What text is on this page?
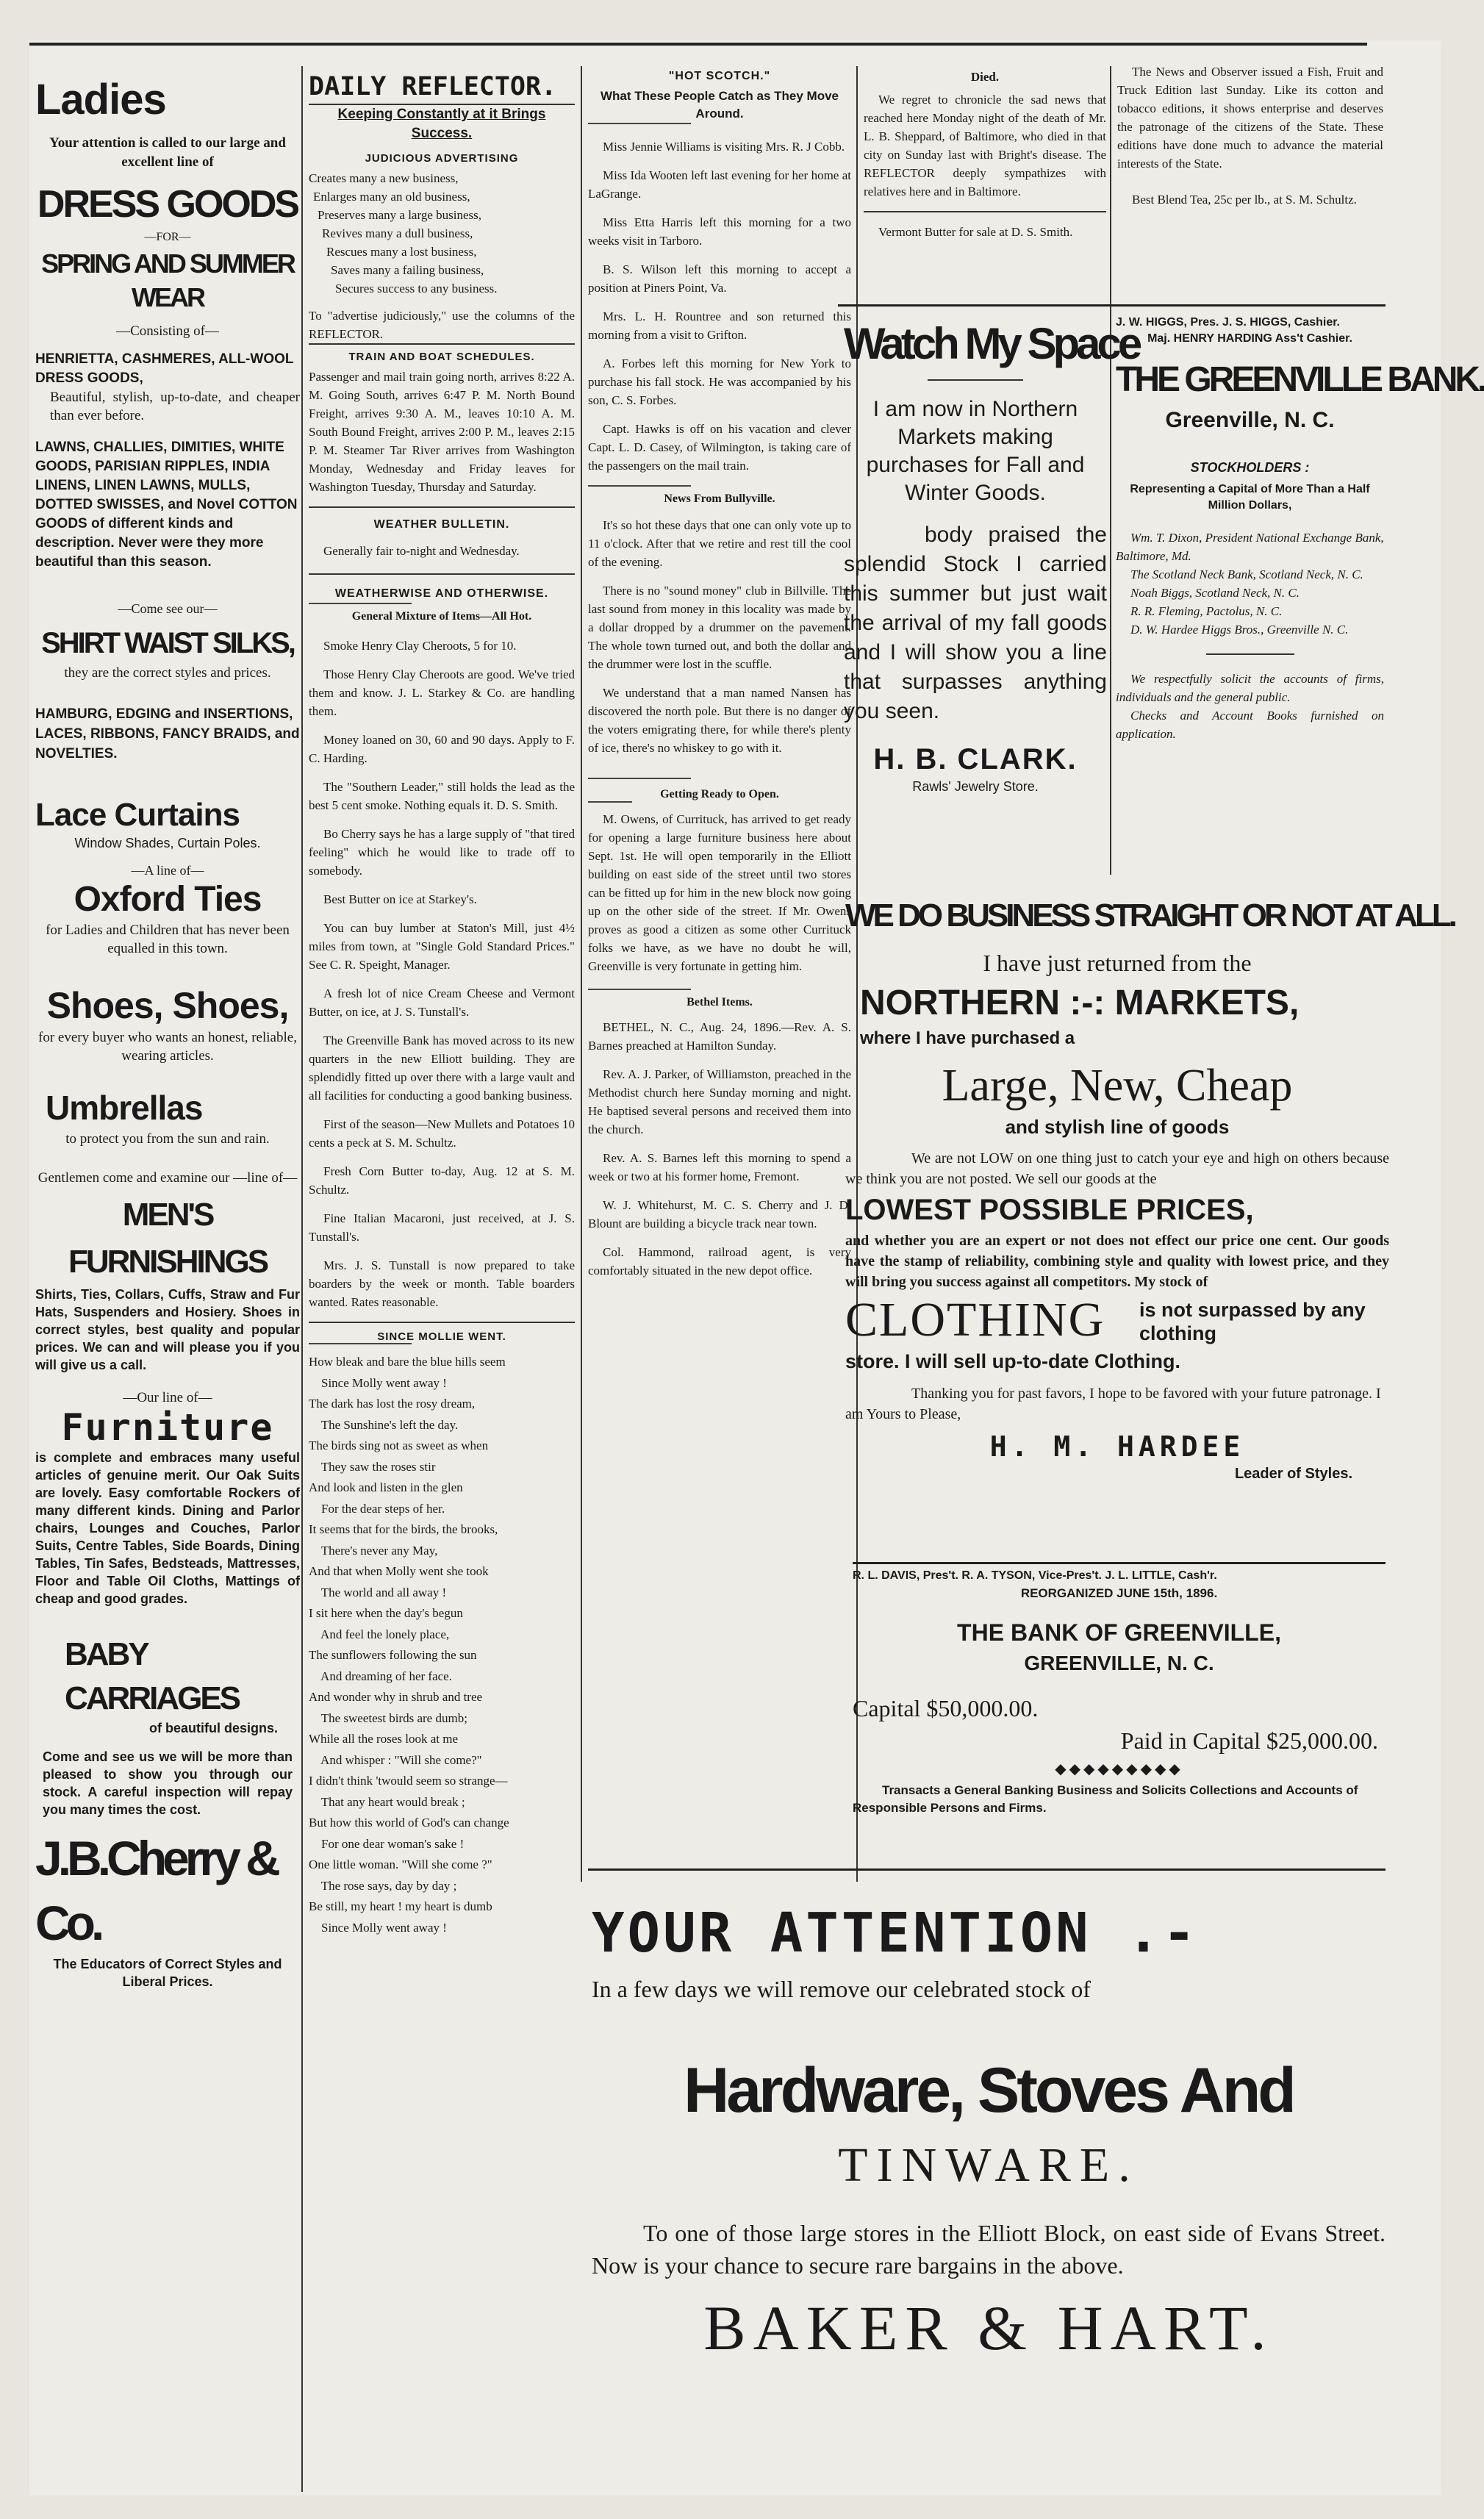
Ladies
Your attention is called to our large and excellent line of
DRESS GOODS
—FOR—
SPRING AND SUMMER WEAR
—Consisting of—
HENRIETTA, CASHMERES, ALL-WOOL DRESS GOODS,
Beautiful, stylish, up-to-date, and cheaper than ever before.
LAWNS, CHALLIES, DIMITIES, WHITE GOODS, PARISIAN RIPPLES, INDIA LINENS, LINEN LAWNS, MULLS, DOTTED SWISSES, and Novel COTTON GOODS of different kinds and description. Never were they more beautiful than this season.
—Come see our—
SHIRT WAIST SILKS,
they are the correct styles and prices.
HAMBURG, EDGING and INSERTIONS, LACES, RIBBONS, FANCY BRAIDS, and NOVELTIES.
Lace Curtains
Window Shades, Curtain Poles.
—A line of—
Oxford Ties
for Ladies and Children that has never been equalled in this town.
Shoes, Shoes,
for every buyer who wants an honest, reliable, wearing articles.
Umbrellas
to protect you from the sun and rain.
Gentlemen come and examine our —line of—
MEN'S FURNISHINGS
Shirts, Ties, Collars, Cuffs, Straw and Fur Hats, Suspenders and Hosiery. Shoes in correct styles, best quality and popular prices. We can and will please you if you will give us a call.
—Our line of—
Furniture
is complete and embraces many useful articles of genuine merit. Our Oak Suits are lovely. Easy comfortable Rockers of many different kinds. Dining and Parlor chairs, Lounges and Couches, Parlor Suits, Centre Tables, Side Boards, Dining Tables, Tin Safes, Bedsteads, Mattresses, Floor and Table Oil Cloths, Mattings of cheap and good grades.
BABY CARRIAGES
of beautiful designs.
Come and see us we will be more than pleased to show you through our stock. A careful inspection will repay you many times the cost.
J.B.Cherry & Co.
The Educators of Correct Styles and Liberal Prices.
DAILY REFLECTOR.
Keeping Constantly at it Brings Success.
JUDICIOUS ADVERTISING

Creates many a new business,

Enlarges many an old business,

Preserves many a large business,

Revives many a dull business,

Rescues many a lost business,

Saves many a failing business,

Secures success to any business.

To "advertise judiciously," use the columns of the REFLECTOR.
TRAIN AND BOAT SCHEDULES.
Passenger and mail train going north, arrives 8:22 A. M. Going South, arrives 6:47 P. M. North Bound Freight, arrives 9:30 A. M., leaves 10:10 A. M. South Bound Freight, arrives 2:00 P. M., leaves 2:15 P. M. Steamer Tar River arrives from Washington Monday, Wednesday and Friday leaves for Washington Tuesday, Thursday and Saturday.
WEATHER BULLETIN.
Generally fair to-night and Wednesday.
WEATHERWISE AND OTHERWISE.
General Mixture of Items—All Hot.

Smoke Henry Clay Cheroots, 5 for 10.

Those Henry Clay Cheroots are good. We've tried them and know. J. L. Starkey & Co. are handling them.

Money loaned on 30, 60 and 90 days. Apply to F. C. Harding.

The "Southern Leader," still holds the lead as the best 5 cent smoke. Nothing equals it. D. S. Smith.

Bo Cherry says he has a large supply of "that tired feeling" which he would like to trade off to somebody.

Best Butter on ice at Starkey's.

You can buy lumber at Staton's Mill, just 4½ miles from town, at "Single Gold Standard Prices." See C. R. Speight, Manager.

A fresh lot of nice Cream Cheese and Vermont Butter, on ice, at J. S. Tunstall's.

The Greenville Bank has moved across to its new quarters in the new Elliott building. They are splendidly fitted up over there with a large vault and all facilities for conducting a good banking business.

First of the season—New Mullets and Potatoes 10 cents a peck at S. M. Schultz.

Fresh Corn Butter to-day, Aug. 12 at S. M. Schultz.

Fine Italian Macaroni, just received, at J. S. Tunstall's.

Mrs. J. S. Tunstall is now prepared to take boarders by the week or month. Table boarders wanted. Rates reasonable.

SINCE MOLLIE WENT.

How bleak and bare the blue hills seem

Since Molly went away !

The dark has lost the rosy dream,

The Sunshine's left the day.

The birds sing not as sweet as when

They saw the roses stir

And look and listen in the glen

For the dear steps of her.

It seems that for the birds, the brooks,

There's never any May,

And that when Molly went she took

The world and all away !

I sit here when the day's begun

And feel the lonely place,

The sunflowers following the sun

And dreaming of her face.

And wonder why in shrub and tree

The sweetest birds are dumb;

While all the roses look at me

And whisper : "Will she come?"

I didn't think 'twould seem so strange—

That any heart would break ;

But how this world of God's can change

For one dear woman's sake !

One little woman. "Will she come ?"

The rose says, day by day ;

Be still, my heart ! my heart is dumb

Since Molly went away !

"HOT SCOTCH."
What These People Catch as They Move Around.

Miss Jennie Williams is visiting Mrs. R. J Cobb.

Miss Ida Wooten left last evening for her home at LaGrange.

Miss Etta Harris left this morning for a two weeks visit in Tarboro.

B. S. Wilson left this morning to accept a position at Piners Point, Va.

Mrs. L. H. Rountree and son returned this morning from a visit to Grifton.

A. Forbes left this morning for New York to purchase his fall stock. He was accompanied by his son, C. S. Forbes.

Capt. Hawks is off on his vacation and clever Capt. L. D. Casey, of Wilmington, is taking care of the passengers on the mail train.

News From Bullyville.

It's so hot these days that one can only vote up to 11 o'clock. After that we retire and rest till the cool of the evening.

There is no "sound money" club in Billville. The last sound from money in this locality was made by a dollar dropped by a drummer on the pavement. The whole town turned out, and both the dollar and the drummer were lost in the scuffle.

We understand that a man named Nansen has discovered the north pole. But there is no danger of the voters emigrating there, for while there's plenty of ice, there's no whiskey to go with it.

Getting Ready to Open.
M. Owens, of Currituck, has arrived to get ready for opening a large furniture business here about Sept. 1st. He will open temporarily in the Elliott building on east side of the street until two stores can be fitted up for him in the new block now going up on the other side of the street. If Mr. Owens proves as good a citizen as some other Currituck folks we have, as we have no doubt he will, Greenville is very fortunate in getting him.
Bethel Items.

BETHEL, N. C., Aug. 24, 1896.—Rev. A. S. Barnes preached at Hamilton Sunday.

Rev. A. J. Parker, of Williamston, preached in the Methodist church here Sunday morning and night. He baptised several persons and received them into the church.

Rev. A. S. Barnes left this morning to spend a week or two at his former home, Fremont.

W. J. Whitehurst, M. C. S. Cherry and J. D. Blount are building a bicycle track near town.

Col. Hammond, railroad agent, is very comfortably situated in the new depot office.

Died.
We regret to chronicle the sad news that reached here Monday night of the death of Mr. L. B. Sheppard, of Baltimore, who died in that city on Sunday last with Bright's disease. The REFLECTOR deeply sympathizes with relatives here and in Baltimore.
Vermont Butter for sale at D. S. Smith.
The News and Observer issued a Fish, Fruit and Truck Edition last Sunday. Like its cotton and tobacco editions, it shows enterprise and deserves the patronage of the citizens of the State. These editions have done much to advance the material interests of the State.
Best Blend Tea, 25c per lb., at S. M. Schultz.
Watch My Space
I am now in Northern Markets making purchases for Fall and Winter Goods.
body praised the splendid Stock I carried this summer but just wait the arrival of my fall goods and I will show you a line that surpasses anything you seen.
H. B. CLARK.
Rawls' Jewelry Store.
J. W. HIGGS, Pres. J. S. HIGGS, Cashier.
Maj. HENRY HARDING Ass't Cashier.
THE GREENVILLE BANK.
Greenville, N. C.
STOCKHOLDERS :
Representing a Capital of More Than a Half Million Dollars,

Wm. T. Dixon, President National Exchange Bank, Baltimore, Md.

The Scotland Neck Bank, Scotland Neck, N. C.

Noah Biggs, Scotland Neck, N. C.

R. R. Fleming, Pactolus, N. C.

D. W. Hardee Higgs Bros., Greenville N. C.

We respectfully solicit the accounts of firms, individuals and the general public.
Checks and Account Books furnished on application.
WE DO BUSINESS STRAIGHT OR NOT AT ALL.
I have just returned from the
NORTHERN :-: MARKETS,
where I have purchased a
Large, New, Cheap
and stylish line of goods
We are not LOW on one thing just to catch your eye and high on others because we think you are not posted. We sell our goods at the
LOWEST POSSIBLE PRICES,
and whether you are an expert or not does not effect our price one cent. Our goods have the stamp of reliability, combining style and quality with lowest price, and they will bring you success against all competitors. My stock of
CLOTHING is not surpassed by any clothing
store. I will sell up-to-date Clothing.
Thanking you for past favors, I hope to be favored with your future patronage. I am Yours to Please,
H. M. HARDEE
Leader of Styles.
R. L. DAVIS, Pres't. R. A. TYSON, Vice-Pres't. J. L. LITTLE, Cash'r.
REORGANIZED JUNE 15th, 1896.
THE BANK OF GREENVILLE,
GREENVILLE, N. C.
Capital $50,000.00.
Paid in Capital $25,000.00.
◆◆◆◆◆◆◆◆◆
Transacts a General Banking Business and Solicits Collections and Accounts of Responsible Persons and Firms.
YOUR ATTENTION .-
In a few days we will remove our celebrated stock of
Hardware, Stoves And
TINWARE.
To one of those large stores in the Elliott Block, on east side of Evans Street. Now is your chance to secure rare bargains in the above.
BAKER & HART.
